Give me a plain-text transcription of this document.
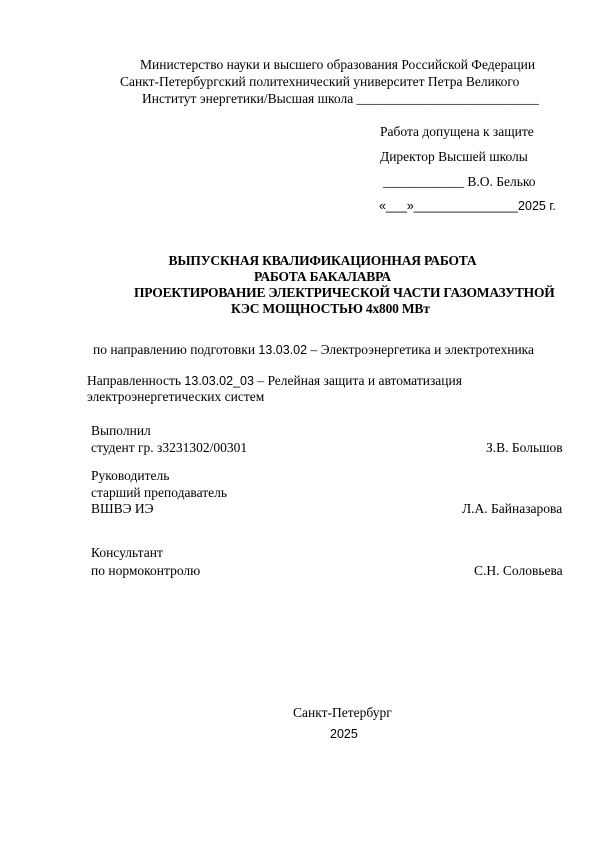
Министерство науки и высшего образования Российской Федерации
Санкт-Петербургский политехнический университет Петра Великого
Институт энергетики/Высшая школа ___________________________
Работа допущена к защите
Директор Высшей школы
____________ В.О. Белько
«___»_______________2025 г.
ВЫПУСКНАЯ КВАЛИФИКАЦИОННАЯ РАБОТА
РАБОТА БАКАЛАВРА
ПРОЕКТИРОВАНИЕ ЭЛЕКТРИЧЕСКОЙ ЧАСТИ ГАЗОМАЗУТНОЙ
КЭС МОЩНОСТЬЮ 4х800 МВт
по направлению подготовки 13.03.02 – Электроэнергетика и электротехника
Направленность 13.03.02_03 – Релейная защита и автоматизация
электроэнергетических систем
Выполнил
студент гр. з3231302/00301	З.В. Большов
Руководитель
старший преподаватель
ВШВЭ ИЭ	Л.А. Байназарова
Консультант
по нормоконтролю	С.Н. Соловьева
Санкт-Петербург
2025
